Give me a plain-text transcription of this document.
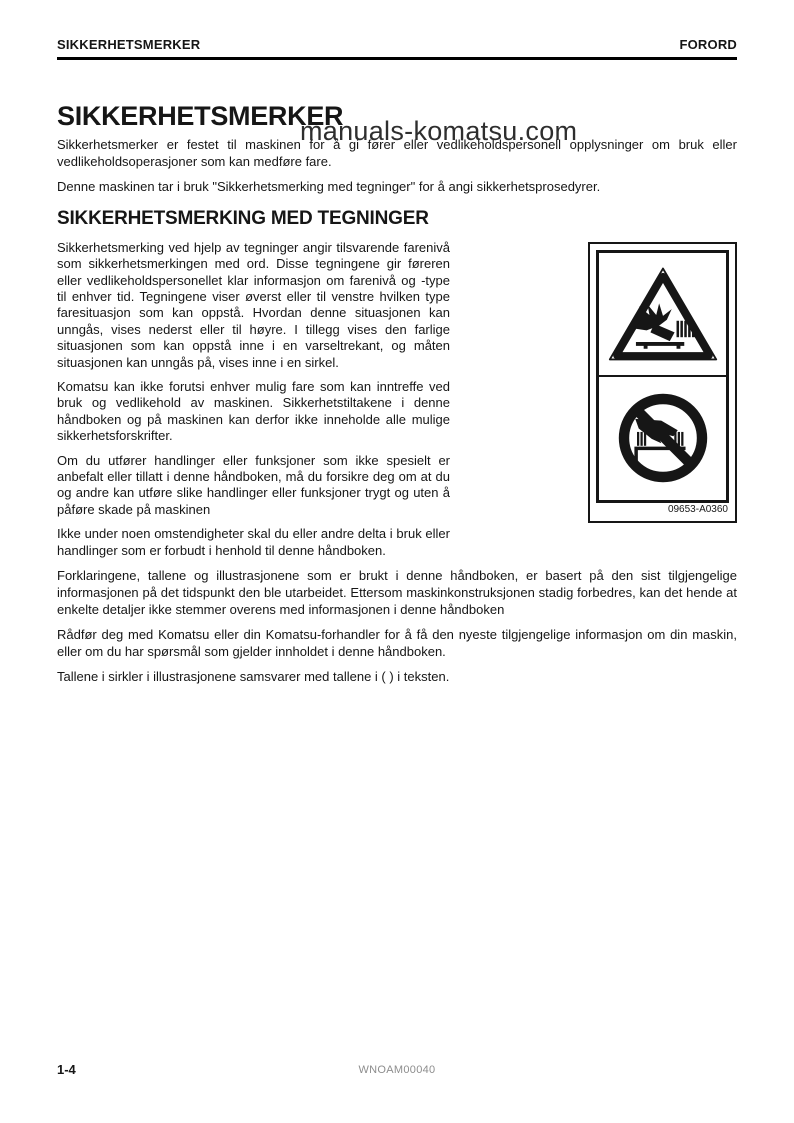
manuals-komatsu.com
SIKKERHETSMERKER	FORORD
SIKKERHETSMERKER

Sikkerhetsmerker er festet til maskinen for å gi fører eller vedlikeholdspersonell opplysninger om bruk eller vedlikeholdsoperasjoner som kan medføre fare.

Denne maskinen tar i bruk "Sikkerhetsmerking med tegninger" for å angi sikkerhetsprosedyrer.

SIKKERHETSMERKING MED TEGNINGER

Sikkerhetsmerking ved hjelp av tegninger angir tilsvarende farenivå som sikkerhetsmerkingen med ord. Disse tegningene gir føreren eller vedlikeholdspersonellet klar informasjon om farenivå og -type til enhver tid. Tegningene viser øverst eller til venstre hvilken type faresituasjon som kan oppstå. Hvordan denne situasjonen kan unngås, vises nederst eller til høyre. I tillegg vises den farlige situasjonen som kan oppstå inne i en varseltrekant, og måten situasjonen kan unngås på, vises inne i en sirkel.

Komatsu kan ikke forutsi enhver mulig fare som kan inntreffe ved bruk og vedlikehold av maskinen. Sikkerhetstiltakene i denne håndboken og på maskinen kan derfor ikke inneholde alle mulige sikkerhetsforskrifter.

Om du utfører handlinger eller funksjoner som ikke spesielt er anbefalt eller tillatt i denne håndboken, må du forsikre deg om at du og andre kan utføre slike handlinger eller funksjoner trygt og uten å påføre skade på maskinen

Ikke under noen omstendigheter skal du eller andre delta i bruk eller handlinger som er forbudt i henhold til denne håndboken.

09653-A0360

Forklaringene, tallene og illustrasjonene som er brukt i denne håndboken, er basert på den sist tilgjengelige informasjonen på det tidspunkt den ble utarbeidet. Ettersom maskinkonstruksjonen stadig forbedres, kan det hende at enkelte detaljer ikke stemmer overens med informasjonen i denne håndboken

Rådfør deg med Komatsu eller din Komatsu-forhandler for å få den nyeste tilgjengelige informasjon om din maskin, eller om du har spørsmål som gjelder innholdet i denne håndboken.

Tallene i sirkler i illustrasjonene samsvarer med tallene i ( ) i teksten.

1-4	WNOAM00040
